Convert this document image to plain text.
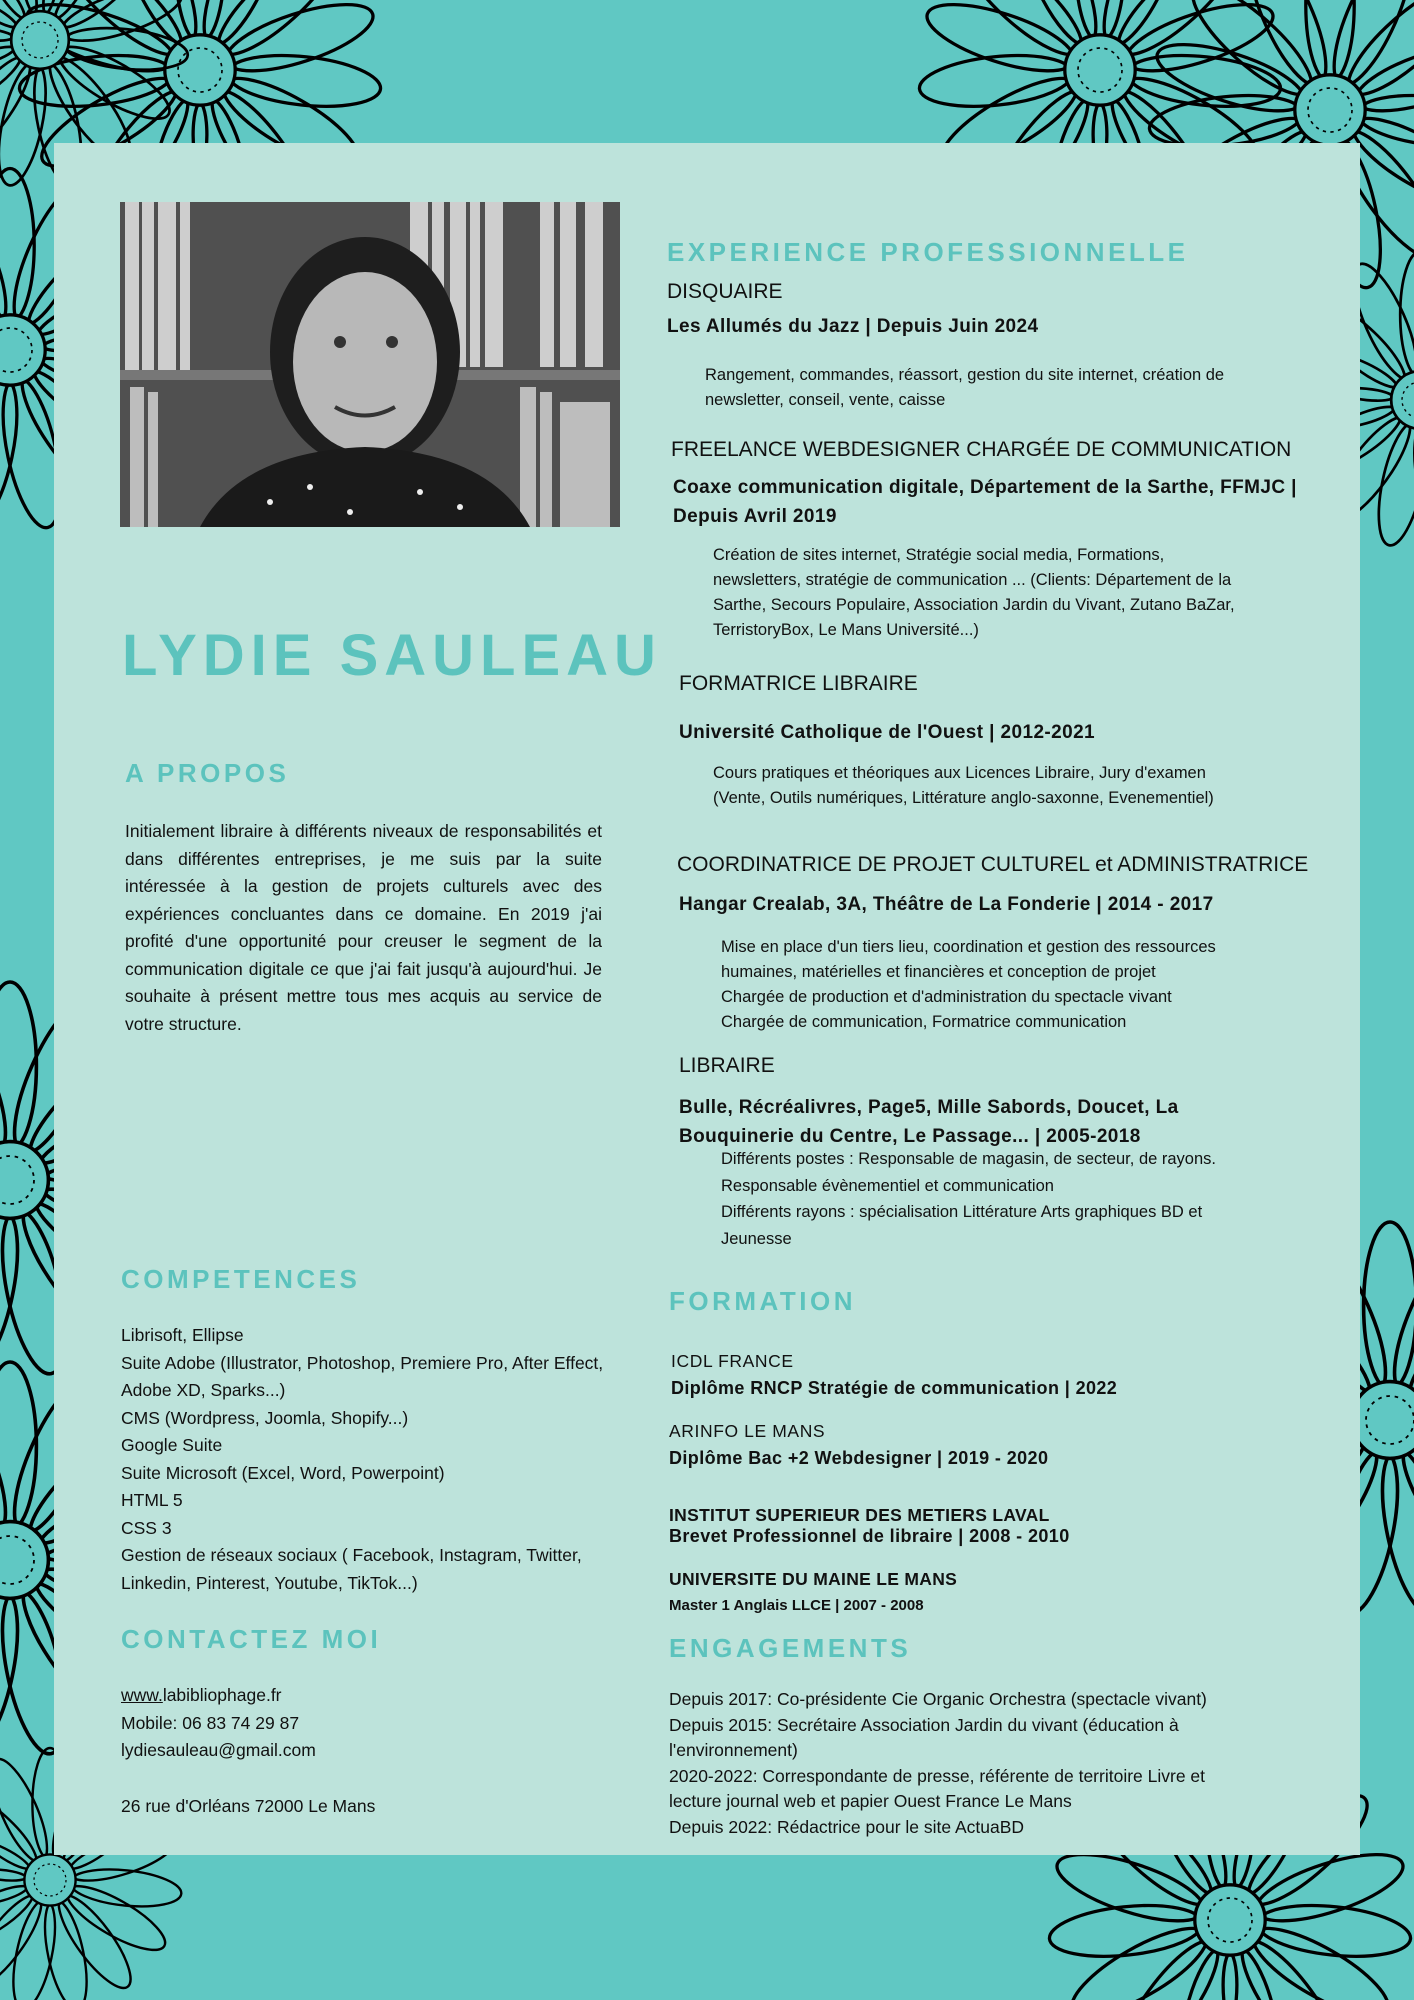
LYDIE SAULEAU
A PROPOS
Initialement libraire à différents niveaux de responsabilités et dans différentes entreprises, je me suis par la suite intéressée à la gestion de projets culturels avec des expériences concluantes dans ce domaine. En 2019 j'ai profité d'une opportunité pour creuser le segment de la communication digitale ce que j'ai fait jusqu'à aujourd'hui. Je souhaite à présent mettre tous mes acquis au service de votre structure.
COMPETENCES
Librisoft, Ellipse
Suite Adobe (Illustrator, Photoshop, Premiere Pro, After Effect, Adobe XD, Sparks...)
CMS (Wordpress, Joomla, Shopify...)
Google Suite
Suite Microsoft (Excel, Word, Powerpoint)
HTML 5
CSS 3
Gestion de réseaux sociaux ( Facebook, Instagram, Twitter, Linkedin, Pinterest, Youtube, TikTok...)
CONTACTEZ MOI
www.labibliophage.fr
Mobile: 06 83 74 29 87
lydiesauleau@gmail.com
26 rue d'Orléans 72000 Le Mans
EXPERIENCE PROFESSIONNELLE
DISQUAIRE
Les Allumés du Jazz | Depuis Juin 2024
Rangement, commandes, réassort, gestion du site internet, création de
newsletter, conseil, vente, caisse
FREELANCE WEBDESIGNER CHARGÉE DE COMMUNICATION
Coaxe communication digitale, Département de la Sarthe, FFMJC | Depuis Avril 2019
Création de sites internet, Stratégie social media, Formations,
newsletters, stratégie de communication ... (Clients: Département de la
Sarthe, Secours Populaire, Association Jardin du Vivant, Zutano BaZar,
TerristoryBox, Le Mans Université...)
FORMATRICE LIBRAIRE
Université Catholique de l'Ouest | 2012-2021
Cours pratiques et théoriques aux Licences Libraire, Jury d'examen
(Vente, Outils numériques, Littérature anglo-saxonne, Evenementiel)
COORDINATRICE DE PROJET CULTUREL et ADMINISTRATRICE
Hangar Crealab, 3A, Théâtre de La Fonderie | 2014 - 2017
Mise en place d'un tiers lieu, coordination et gestion des ressources
humaines, matérielles et financières et conception de projet
Chargée de production et d'administration du spectacle vivant
Chargée de communication, Formatrice communication
LIBRAIRE
Bulle, Récréalivres, Page5, Mille Sabords, Doucet, La Bouquinerie du Centre, Le Passage... | 2005-2018
Différents postes : Responsable de magasin, de secteur, de rayons.
Responsable évènementiel et communication
Différents rayons : spécialisation Littérature Arts graphiques BD et
Jeunesse
FORMATION
ICDL FRANCE
Diplôme RNCP Stratégie de communication | 2022
ARINFO LE MANS
Diplôme Bac +2 Webdesigner | 2019 - 2020
INSTITUT SUPERIEUR DES METIERS LAVAL
Brevet Professionnel de libraire | 2008 - 2010
UNIVERSITE DU MAINE LE MANS
Master 1 Anglais LLCE | 2007 - 2008
ENGAGEMENTS
Depuis 2017: Co-présidente Cie Organic Orchestra (spectacle vivant)
Depuis 2015: Secrétaire Association Jardin du vivant (éducation à
l'environnement)
2020-2022: Correspondante de presse, référente de territoire Livre et
lecture journal web et papier Ouest France Le Mans
Depuis 2022: Rédactrice pour le site ActuaBD
